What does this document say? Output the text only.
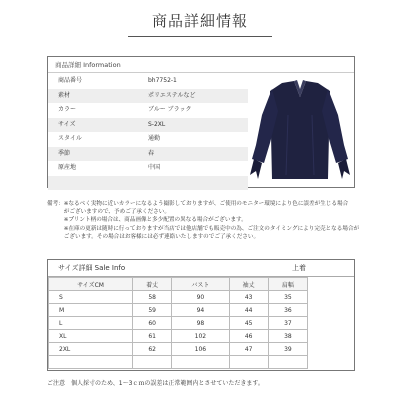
商品詳細情報
商品詳細 Information
商品番号	bh7752-1
素材	ポリエステルなど
カラー	ブルー ブラック
サイズ	S-2XL
スタイル	通勤
季節	春
原産地	中国
備考：※なるべく実物に近いカラーになるよう撮影しておりますが、ご使用のモニター環境により色に誤差が生じる場合
　　　がございますので、予めご了承ください。
　　　※プリント柄の場合は、商品画像と多少配置の異なる場合がございます。
　　　※在庫の更新は随時に行っておりますが当店では他店舗でも販売中の為、ご注文のタイミングにより完売となる場合が
　　　ございます。その場合はお客様には必ず連絡いたしますのでご了承ください。
サイズ詳細 Sale Info	上着
サイズCM	着丈	バスト	袖丈	肩幅
S	58	90	43	35
M	59	94	44	36
L	60	98	45	37
XL	61	102	46	38
2XL	62	106	47	39

ご注意　個人採寸のため、1～3ｃｍの誤差は正常範囲内とさせていただきます。
